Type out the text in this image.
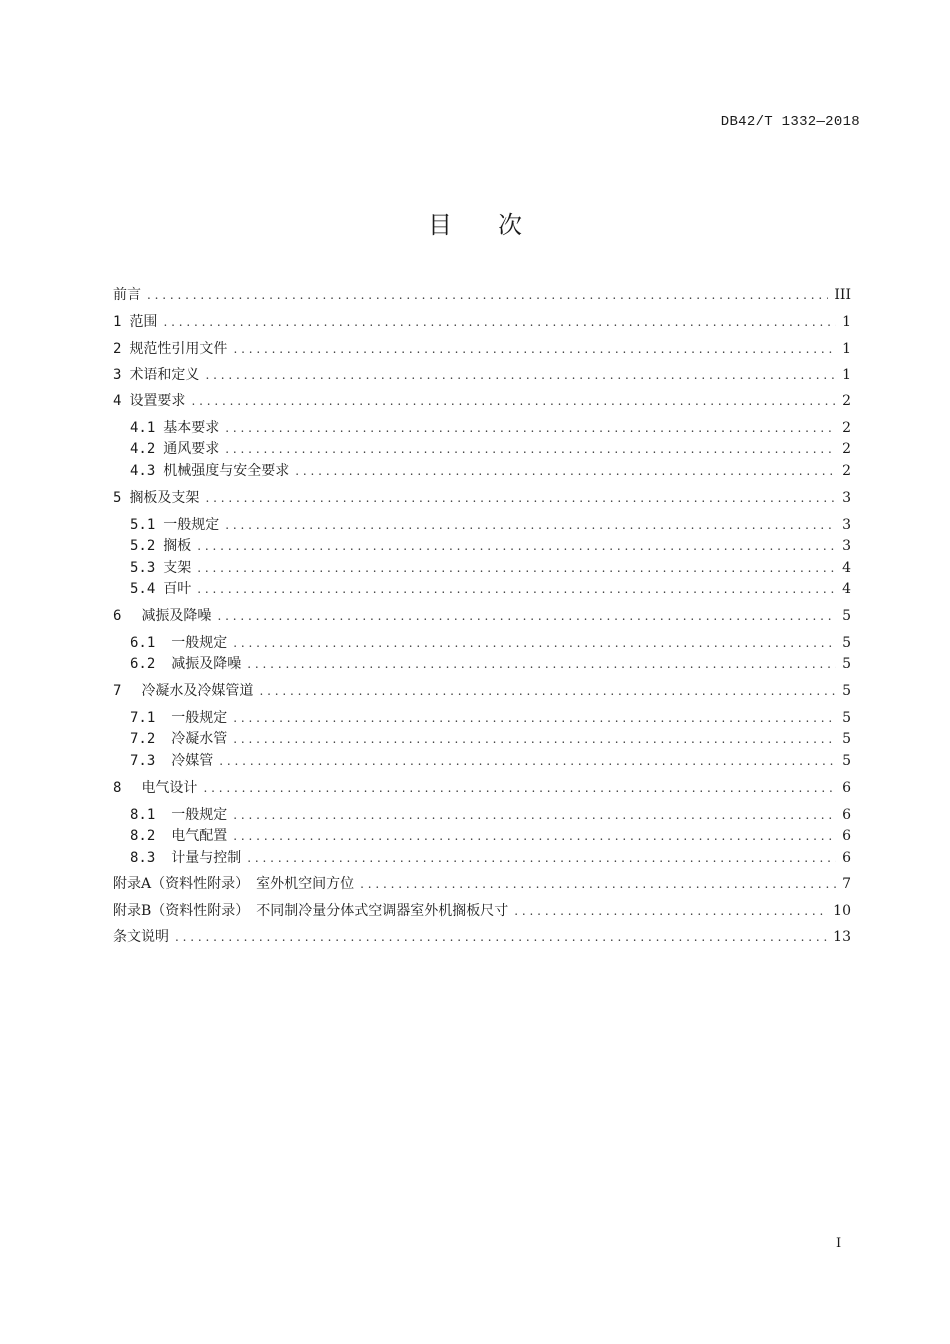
DB42/T 1332—2018
目 次
前言 . . .	III
1 范围 . . .	1
2 规范性引用文件 . . .	1
3 术语和定义 . . .	1
4 设置要求 . . .	2
4.1 基本要求 . . .	2
4.2 通风要求 . . .	2
4.3 机械强度与安全要求 . . .	2
5 搁板及支架 . . .	3
5.1 一般规定 . . .	3
5.2 搁板 . . .	3
5.3 支架 . . .	4
5.4 百叶 . . .	4
6	减振及降噪 . . .	5
6.1	一般规定 . . .	5
6.2	减振及降噪 . . .	5
7	冷凝水及冷媒管道 . . .	5
7.1	一般规定 . . .	5
7.2	冷凝水管 . . .	5
7.3	冷媒管 . . .	5
8	电气设计 . . .	6
8.1	一般规定 . . .	6
8.2	电气配置 . . .	6
8.3	计量与控制 . . .	6
附录A（资料性附录）　室外机空间方位 . . .	7
附录B（资料性附录）　不同制冷量分体式空调器室外机搁板尺寸 . . .	10
条文说明 . . .	13
I
